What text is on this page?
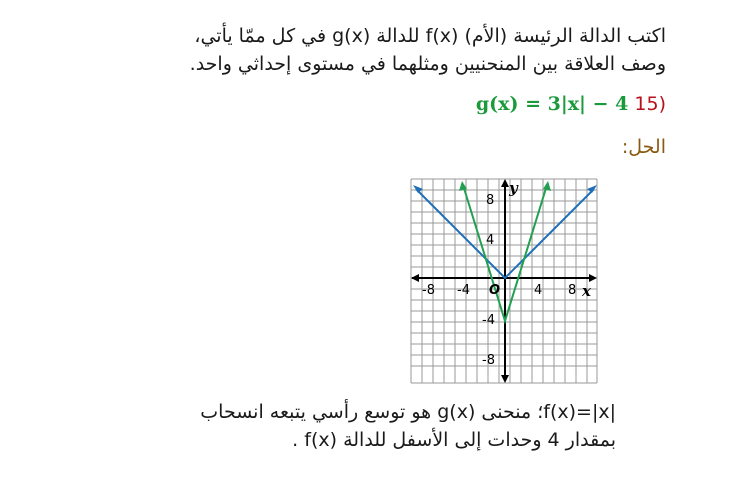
اكتب الدالة الرئيسة (الأم) f(x) للدالة g(x) في كل ممّا يأتي،
وصف العلاقة بين المنحنيين ومثلهما في مستوى إحداثي واحد.
(15 g(x) = 3|x| − 4
الحل:
-8 -4	4 8
8
4
-4
-8
O
y
x
|f(x)=|x؛ منحنى g(x) هو توسع رأسي يتبعه انسحاب
بمقدار 4 وحدات إلى الأسفل للدالة f(x) .
